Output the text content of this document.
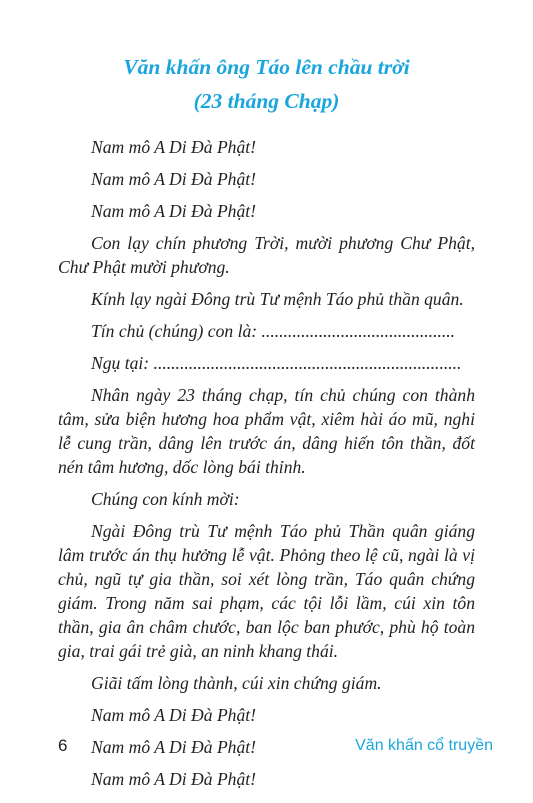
Văn khấn ông Táo lên chầu trời
(23 tháng Chạp)

Nam mô A Di Đà Phật!

Nam mô A Di Đà Phật!

Nam mô A Di Đà Phật!

Con lạy chín phương Trời, mười phương Chư Phật, Chư Phật mười phương.

Kính lạy ngài Đông trù Tư mệnh Táo phủ thần quân.

Tín chủ (chúng) con là: ............................................

Ngụ tại: ......................................................................

Nhân ngày 23 tháng chạp, tín chủ chúng con thành tâm, sửa biện hương hoa phẩm vật, xiêm hài áo mũ, nghi lễ cung trần, dâng lên trước án, dâng hiến tôn thần, đốt nén tâm hương, dốc lòng bái thỉnh.

Chúng con kính mời:

Ngài Đông trù Tư mệnh Táo phủ Thần quân giáng lâm trước án thụ hưởng lễ vật. Phỏng theo lệ cũ, ngài là vị chủ, ngũ tự gia thần, soi xét lòng trần, Táo quân chứng giám. Trong năm sai phạm, các tội lỗi lầm, cúi xin tôn thần, gia ân châm chước, ban lộc ban phước, phù hộ toàn gia, trai gái trẻ già, an ninh khang thái.

Giãi tấm lòng thành, cúi xin chứng giám.

Nam mô A Di Đà Phật!

Nam mô A Di Đà Phật!

Nam mô A Di Đà Phật!

6	Văn khấn cổ truyền
